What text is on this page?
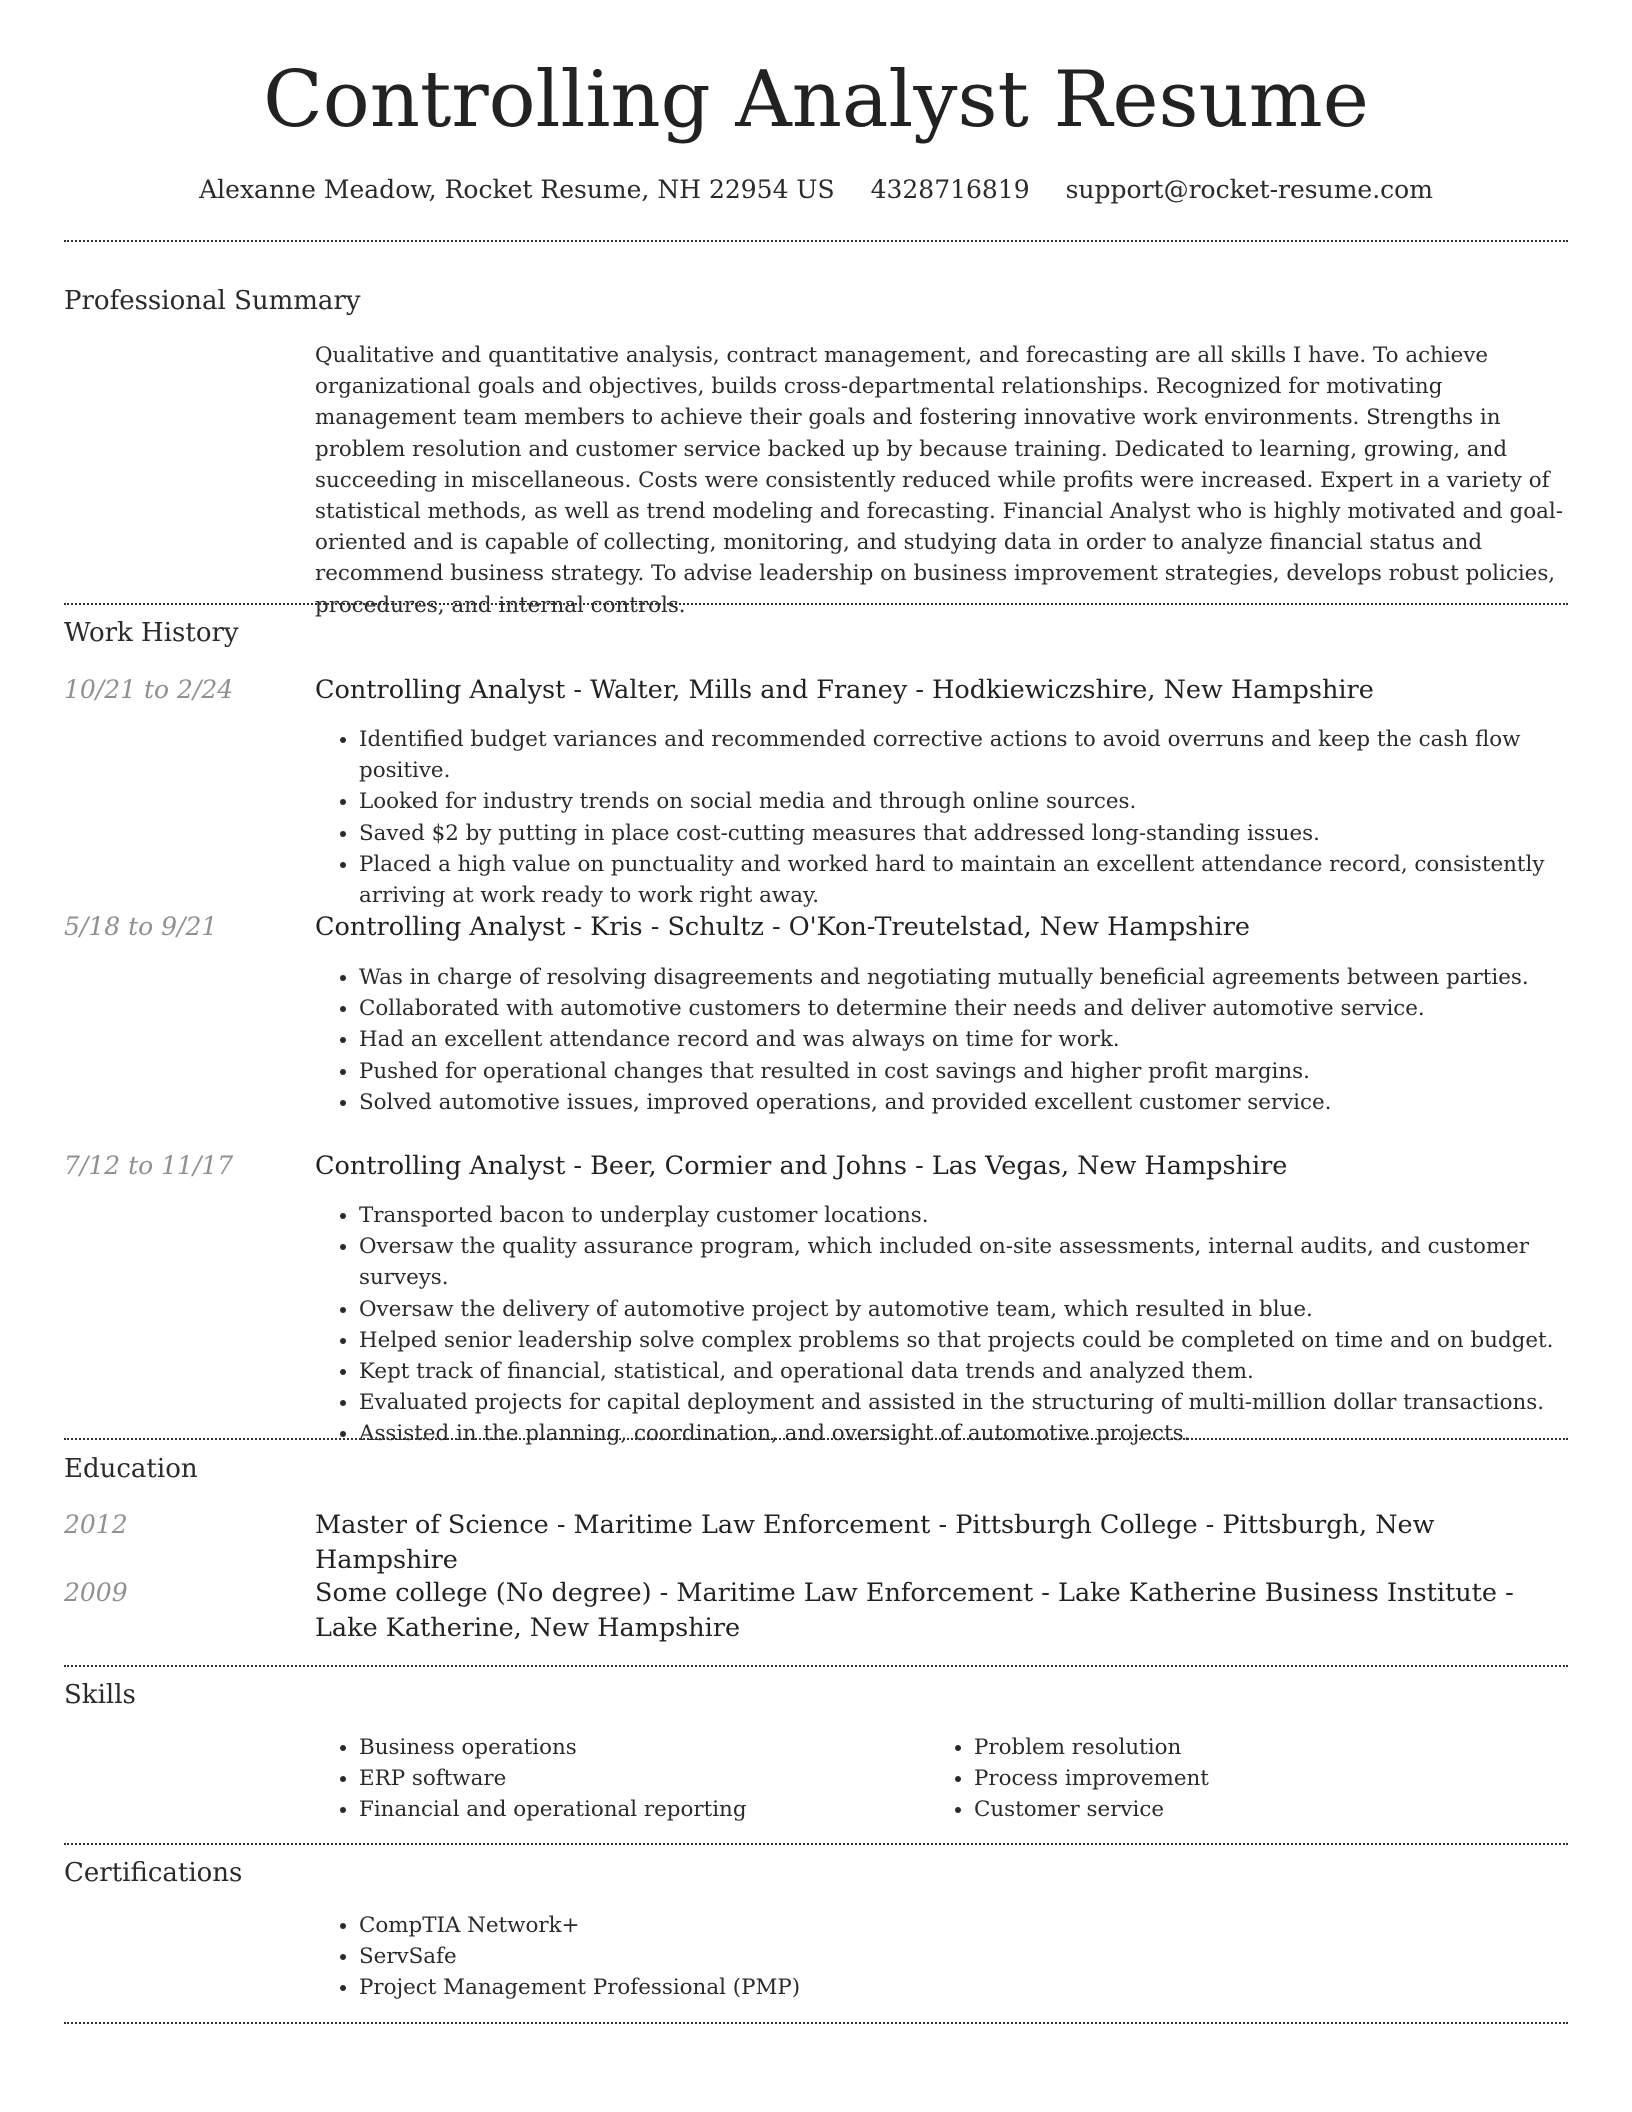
Controlling Analyst Resume
Alexanne Meadow, Rocket Resume, NH 22954 US 4328716819 support@rocket-resume.com
Professional Summary

Qualitative and quantitative analysis, contract management, and forecasting are all skills I have. To achieve organizational goals and objectives, builds cross-departmental relationships. Recognized for motivating management team members to achieve their goals and fostering innovative work environments. Strengths in problem resolution and customer service backed up by because training. Dedicated to learning, growing, and succeeding in miscellaneous. Costs were consistently reduced while profits were increased. Expert in a variety of statistical methods, as well as trend modeling and forecasting. Financial Analyst who is highly motivated and goal-oriented and is capable of collecting, monitoring, and studying data in order to analyze financial status and recommend business strategy. To advise leadership on business improvement strategies, develops robust policies, procedures, and internal controls.

Work History
10/21 to 2/24	Controlling Analyst - Walter, Mills and Franey - Hodkiewiczshire, New Hampshire
• Identified budget variances and recommended corrective actions to avoid overruns and keep the cash flow positive.
• Looked for industry trends on social media and through online sources.
• Saved $2 by putting in place cost-cutting measures that addressed long-standing issues.
• Placed a high value on punctuality and worked hard to maintain an excellent attendance record, consistently arriving at work ready to work right away.
5/18 to 9/21	Controlling Analyst - Kris - Schultz - O'Kon-Treutelstad, New Hampshire
• Was in charge of resolving disagreements and negotiating mutually beneficial agreements between parties.
• Collaborated with automotive customers to determine their needs and deliver automotive service.
• Had an excellent attendance record and was always on time for work.
• Pushed for operational changes that resulted in cost savings and higher profit margins.
• Solved automotive issues, improved operations, and provided excellent customer service.
7/12 to 11/17	Controlling Analyst - Beer, Cormier and Johns - Las Vegas, New Hampshire
• Transported bacon to underplay customer locations.
• Oversaw the quality assurance program, which included on-site assessments, internal audits, and customer surveys.
• Oversaw the delivery of automotive project by automotive team, which resulted in blue.
• Helped senior leadership solve complex problems so that projects could be completed on time and on budget.
• Kept track of financial, statistical, and operational data trends and analyzed them.
• Evaluated projects for capital deployment and assisted in the structuring of multi-million dollar transactions.
• Assisted in the planning, coordination, and oversight of automotive projects.
Education
2012	Master of Science - Maritime Law Enforcement - Pittsburgh College - Pittsburgh, New Hampshire
2009	Some college (No degree) - Maritime Law Enforcement - Lake Katherine Business Institute - Lake Katherine, New Hampshire
Skills
• Business operations
• ERP software
• Financial and operational reporting
• Problem resolution
• Process improvement
• Customer service
Certifications
• CompTIA Network+
• ServSafe
• Project Management Professional (PMP)
